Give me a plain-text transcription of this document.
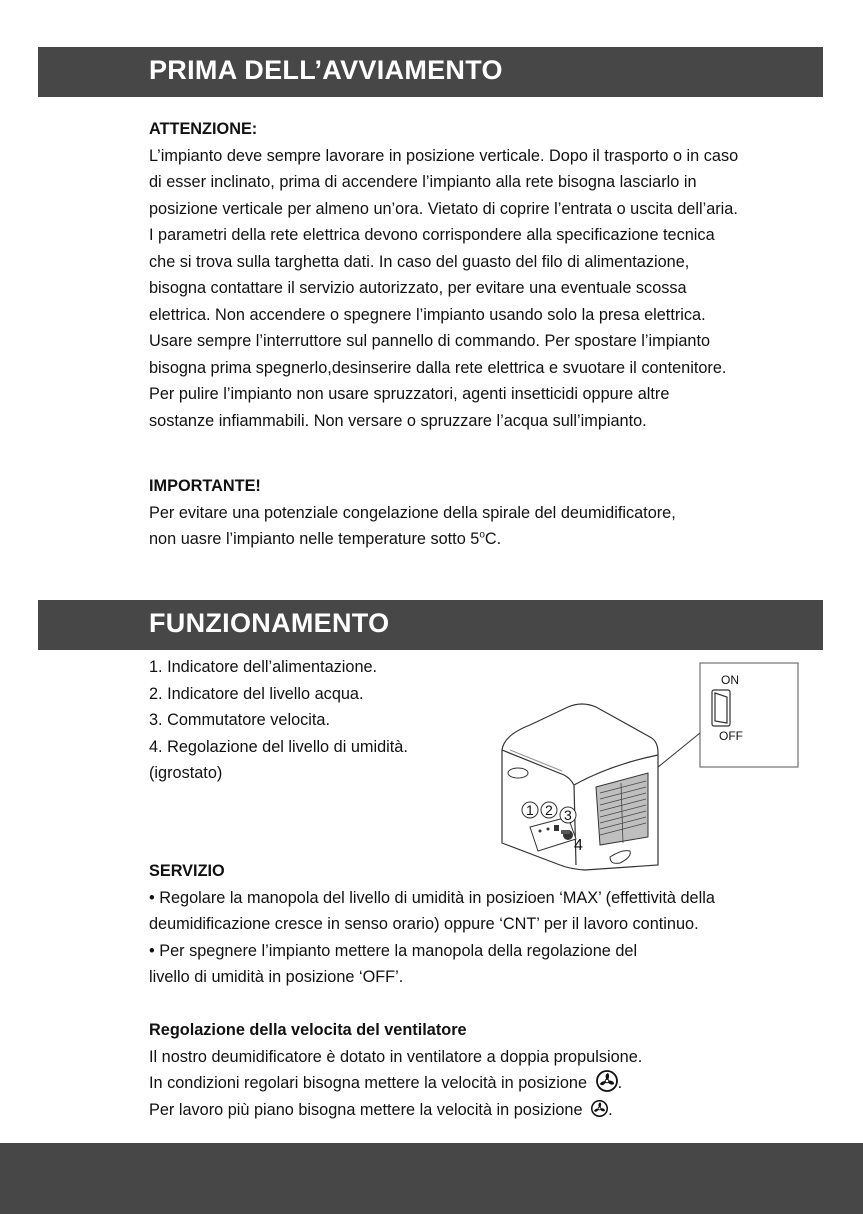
PRIMA DELL’AVVIAMENTO

ATTENZIONE:

L’impianto deve sempre lavorare in posizione verticale. Dopo il trasporto o in caso

di esser inclinato, prima di accendere l’impianto alla rete bisogna lasciarlo in

posizione verticale per almeno un’ora. Vietato di coprire l’entrata o uscita dell’aria.

I parametri della rete elettrica devono corrispondere alla specificazione tecnica

che si trova sulla targhetta dati. In caso del guasto del filo di alimentazione,

bisogna contattare il servizio autorizzato, per evitare una eventuale scossa

elettrica. Non accendere o spegnere l’impianto usando solo la presa elettrica.

Usare sempre l’interruttore sul pannello di commando. Per spostare l’impianto

bisogna prima spegnerlo,desinserire dalla rete elettrica e svuotare il contenitore.

Per pulire l’impianto non usare spruzzatori, agenti insetticidi oppure altre

sostanze infiammabili. Non versare o spruzzare l’acqua sull’impianto.

IMPORTANTE!

Per evitare una potenziale congelazione della spirale del deumidificatore,

non uasre l’impianto nelle temperature sotto 5$^o$C.

FUNZIONAMENTO

1. Indicatore dell’alimentazione.

2. Indicatore del livello acqua.

3. Commutatore velocita.

4. Regolazione del livello di umidità.

(igrostato)

ON
OFF
1 2 3
4

SERVIZIO

• Regolare la manopola del livello di umidità in posizioen ‘MAX’ (effettività della

deumidificazione cresce in senso orario) oppure ‘CNT’ per il lavoro continuo.

• Per spegnere l’impianto mettere la manopola della regolazione del

livello di umidità in posizione ‘OFF’.

Regolazione della velocita del ventilatore

Il nostro deumidificatore è dotato in ventilatore a doppia propulsione.

In condizioni regolari bisogna mettere la velocità in posizione .

Per lavoro più piano bisogna mettere la velocità in posizione .
